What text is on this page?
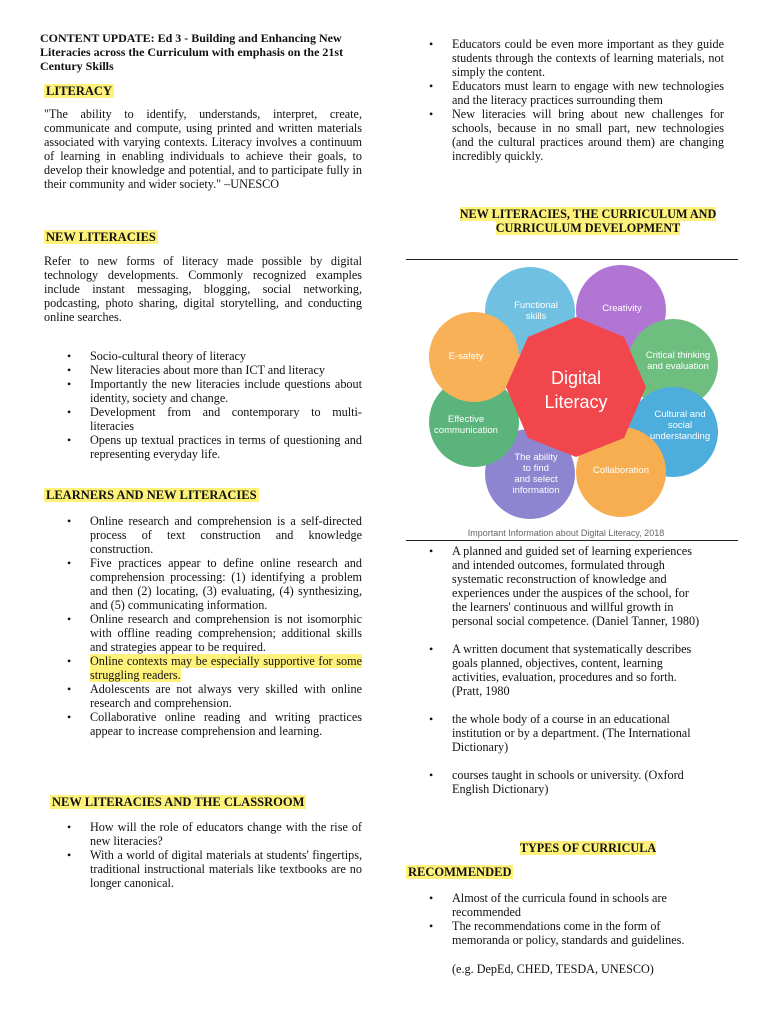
CONTENT UPDATE: Ed 3 - Building and Enhancing New Literacies across the Curriculum with emphasis on the 21st Century Skills
LITERACY
"The ability to identify, understands, interpret, create, communicate and compute, using printed and written materials associated with varying contexts. Literacy involves a continuum of learning in enabling individuals to achieve their goals, to develop their knowledge and potential, and to participate fully in their community and wider society." –UNESCO
NEW LITERACIES
Refer to new forms of literacy made possible by digital technology developments. Commonly recognized examples include instant messaging, blogging, social networking, podcasting, photo sharing, digital storytelling, and conducting online searches.
• Socio-cultural theory of literacy
• New literacies about more than ICT and literacy
• Importantly the new literacies include questions about identity, society and change.
• Development from and contemporary to multi-literacies
• Opens up textual practices in terms of questioning and representing everyday life.
LEARNERS AND NEW LITERACIES
• Online research and comprehension is a self-directed process of text construction and knowledge construction.
• Five practices appear to define online research and comprehension processing: (1) identifying a problem and then (2) locating, (3) evaluating, (4) synthesizing, and (5) communicating information.
• Online research and comprehension is not isomorphic with offline reading comprehension; additional skills and strategies appear to be required.
• Online contexts may be especially supportive for some struggling readers.
• Adolescents are not always very skilled with online research and comprehension.
• Collaborative online reading and writing practices appear to increase comprehension and learning.
NEW LITERACIES AND THE CLASSROOM
• How will the role of educators change with the rise of new literacies?
• With a world of digital materials at students' fingertips, traditional instructional materials like textbooks are no longer canonical.
• Educators could be even more important as they guide students through the contexts of learning materials, not simply the content.
• Educators must learn to engage with new technologies and the literacy practices surrounding them
• New literacies will bring about new challenges for schools, because in no small part, new technologies (and the cultural practices around them) are changing incredibly quickly.
NEW LITERACIES, THE CURRICULUM AND CURRICULUM DEVELOPMENT
Digital
Literacy
Functional
skills
Creativity
Critical thinking
and evaluation
Cultural and
social
understanding
Collaboration
The ability
to find
and select
information
Effective
communication
E-safety
Important Information about Digital Literacy, 2018
• A planned and guided set of learning experiences and intended outcomes, formulated through systematic reconstruction of knowledge and experiences under the auspices of the school, for the learners' continuous and willful growth in personal social competence. (Daniel Tanner, 1980)
• A written document that systematically describes goals planned, objectives, content, learning activities, evaluation, procedures and so forth. (Pratt, 1980
• the whole body of a course in an educational institution or by a department. (The International Dictionary)
• courses taught in schools or university. (Oxford English Dictionary)
TYPES OF CURRICULA
RECOMMENDED
• Almost of the curricula found in schools are recommended
• The recommendations come in the form of memoranda or policy, standards and guidelines.
(e.g. DepEd, CHED, TESDA, UNESCO)
